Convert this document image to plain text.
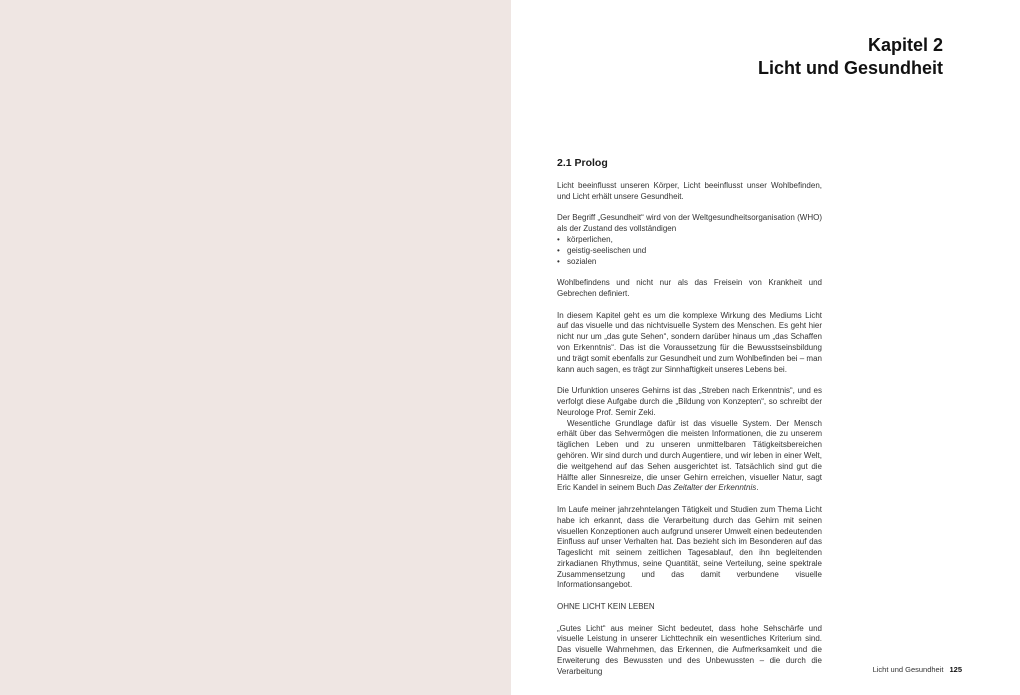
Kapitel 2
Licht und Gesundheit
2.1 Prolog

Licht beeinflusst unseren Körper, Licht beeinflusst unser Wohlbefinden, und Licht erhält unsere Gesundheit.

Der Begriff „Gesundheit“ wird von der Weltgesundheitsorganisation (WHO) als der Zustand des vollständigen

• körperlichen,
• geistig-seelischen und
• sozialen

Wohlbefindens und nicht nur als das Freisein von Krankheit und Gebrechen definiert.

In diesem Kapitel geht es um die komplexe Wirkung des Mediums Licht auf das visuelle und das nichtvisuelle System des Menschen. Es geht hier nicht nur um „das gute Sehen“, sondern darüber hinaus um „das Schaffen von Erkenntnis“. Das ist die Voraussetzung für die Bewusstseinsbildung und trägt somit ebenfalls zur Gesundheit und zum Wohlbefinden bei – man kann auch sagen, es trägt zur Sinnhaftigkeit unseres Lebens bei.

Die Urfunktion unseres Gehirns ist das „Streben nach Erkenntnis“, und es verfolgt diese Aufgabe durch die „Bildung von Konzepten“, so schreibt der Neurologe Prof. Semir Zeki.

Wesentliche Grundlage dafür ist das visuelle System. Der Mensch erhält über das Sehvermögen die meisten Informationen, die zu unserem täglichen Leben und zu unseren unmittelbaren Tätigkeitsbereichen gehören. Wir sind durch und durch Augentiere, und wir leben in einer Welt, die weitgehend auf das Sehen ausgerichtet ist. Tatsächlich sind gut die Hälfte aller Sinnesreize, die unser Gehirn erreichen, visueller Natur, sagt Eric Kandel in seinem Buch Das Zeitalter der Erkenntnis.

Im Laufe meiner jahrzehntelangen Tätigkeit und Studien zum Thema Licht habe ich erkannt, dass die Verarbeitung durch das Gehirn mit seinen visuellen Konzeptionen auch aufgrund unserer Umwelt einen bedeutenden Einfluss auf unser Verhalten hat. Das bezieht sich im Besonderen auf das Tageslicht mit seinem zeitlichen Tagesablauf, den ihn begleitenden zirkadianen Rhythmus, seine Quantität, seine Verteilung, seine spektrale Zusammensetzung und das damit verbundene visuelle Informationsangebot.

OHNE LICHT KEIN LEBEN

„Gutes Licht“ aus meiner Sicht bedeutet, dass hohe Sehschärfe und visuelle Leistung in unserer Lichttechnik ein wesentliches Kriterium sind. Das visuelle Wahrnehmen, das Erkennen, die Aufmerksamkeit und die Erweiterung des Bewussten und des Unbewussten – die durch die Verarbeitung	Licht und Gesundheit 125
